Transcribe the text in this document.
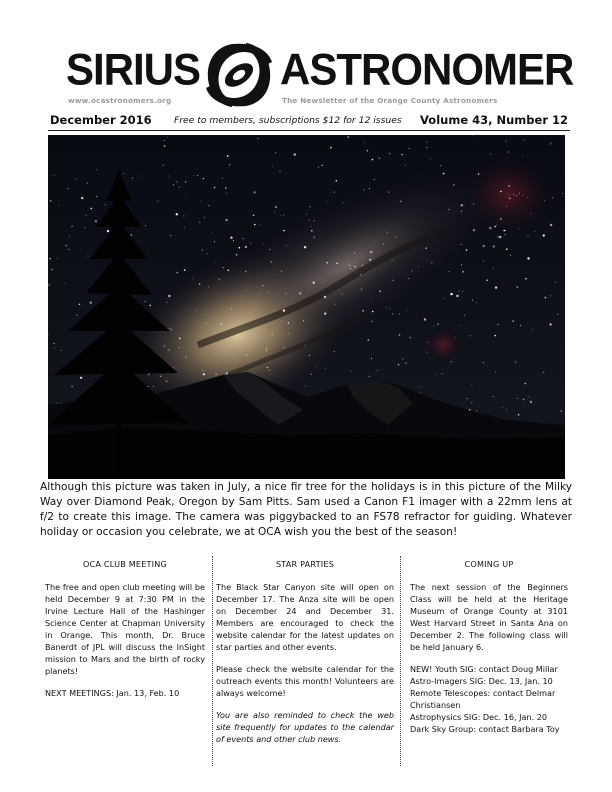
SIRIUS ASTRONOMER
www.ocastronomers.org	The Newsletter of the Orange County Astronomers
December 2016 Free to members, subscriptions $12 for 12 issues Volume 43, Number 12
Although this picture was taken in July, a nice fir tree for the holidays is in this picture of the Milky Way over Diamond Peak, Oregon by Sam Pitts. Sam used a Canon F1 imager with a 22mm lens at f/2 to create this image. The camera was piggybacked to an FS78 refractor for guiding. Whatever holiday or occasion you celebrate, we at OCA wish you the best of the season!
OCA CLUB MEETING

The free and open club meeting will be held December 9 at 7:30 PM in the Irvine Lecture Hall of the Hashinger Science Center at Chapman University in Orange. This month, Dr. Bruce Banerdt of JPL will discuss the InSight mission to Mars and the birth of rocky planets!

NEXT MEETINGS: Jan. 13, Feb. 10

STAR PARTIES

The Black Star Canyon site will open on December 17. The Anza site will be open on December 24 and December 31. Members are encouraged to check the website calendar for the latest updates on star parties and other events.

Please check the website calendar for the outreach events this month! Volunteers are always welcome!

You are also reminded to check the web site frequently for updates to the calendar of events and other club news.

COMING UP

The next session of the Beginners Class will be held at the Heritage Museum of Orange County at 3101 West Harvard Street in Santa Ana on December 2. The following class will be held January 6.

NEW! Youth SIG: contact Doug Millar

Astro-Imagers SIG: Dec. 13, Jan. 10

Remote Telescopes: contact Delmar Christiansen

Astrophysics SIG: Dec. 16, Jan. 20

Dark Sky Group: contact Barbara Toy
